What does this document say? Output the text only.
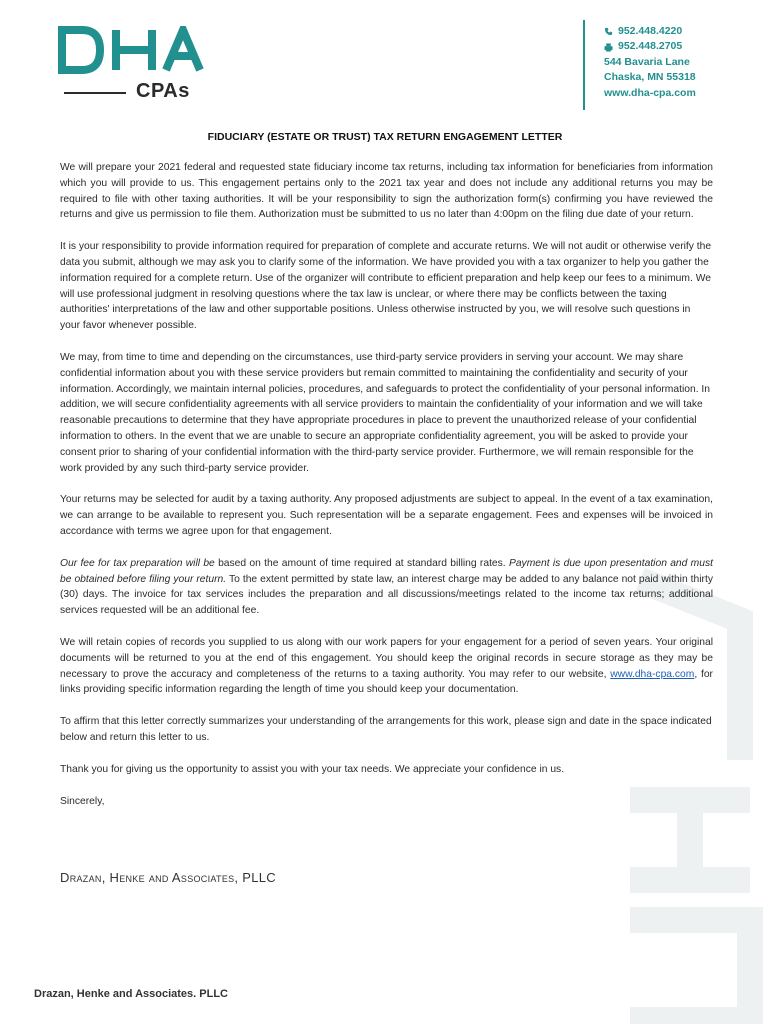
CPAs
952.448.4220
952.448.2705
544 Bavaria Lane
Chaska, MN 55318
www.dha-cpa.com
FIDUCIARY (ESTATE OR TRUST) TAX RETURN ENGAGEMENT LETTER

We will prepare your 2021 federal and requested state fiduciary income tax returns, including tax information for beneficiaries from information which you will provide to us. This engagement pertains only to the 2021 tax year and does not include any additional returns you may be required to file with other taxing authorities. It will be your responsibility to sign the authorization form(s) confirming you have reviewed the returns and give us permission to file them. Authorization must be submitted to us no later than 4:00pm on the filing due date of your return.

It is your responsibility to provide information required for preparation of complete and accurate returns. We will not audit or otherwise verify the data you submit, although we may ask you to clarify some of the information. We have provided you with a tax organizer to help you gather the information required for a complete return. Use of the organizer will contribute to efficient preparation and help keep our fees to a minimum. We will use professional judgment in resolving questions where the tax law is unclear, or where there may be conflicts between the taxing authorities' interpretations of the law and other supportable positions. Unless otherwise instructed by you, we will resolve such questions in your favor whenever possible.

We may, from time to time and depending on the circumstances, use third-party service providers in serving your account. We may share confidential information about you with these service providers but remain committed to maintaining the confidentiality and security of your information. Accordingly, we maintain internal policies, procedures, and safeguards to protect the confidentiality of your personal information. In addition, we will secure confidentiality agreements with all service providers to maintain the confidentiality of your information and we will take reasonable precautions to determine that they have appropriate procedures in place to prevent the unauthorized release of your confidential information to others. In the event that we are unable to secure an appropriate confidentiality agreement, you will be asked to provide your consent prior to sharing of your confidential information with the third-party service provider. Furthermore, we will remain responsible for the work provided by any such third-party service provider.

Your returns may be selected for audit by a taxing authority. Any proposed adjustments are subject to appeal. In the event of a tax examination, we can arrange to be available to represent you. Such representation will be a separate engagement. Fees and expenses will be invoiced in accordance with terms we agree upon for that engagement.

Our fee for tax preparation will be based on the amount of time required at standard billing rates. Payment is due upon presentation and must be obtained before filing your return. To the extent permitted by state law, an interest charge may be added to any balance not paid within thirty (30) days. The invoice for tax services includes the preparation and all discussions/meetings related to the income tax returns; additional services requested will be an additional fee.

We will retain copies of records you supplied to us along with our work papers for your engagement for a period of seven years. Your original documents will be returned to you at the end of this engagement. You should keep the original records in secure storage as they may be necessary to prove the accuracy and completeness of the returns to a taxing authority. You may refer to our website, www.dha-cpa.com, for links providing specific information regarding the length of time you should keep your documentation.

To affirm that this letter correctly summarizes your understanding of the arrangements for this work, please sign and date in the space indicated below and return this letter to us.

Thank you for giving us the opportunity to assist you with your tax needs. We appreciate your confidence in us.

Sincerely,

Drazan, Henke and Associates, PLLC
Drazan, Henke and Associates. PLLC
